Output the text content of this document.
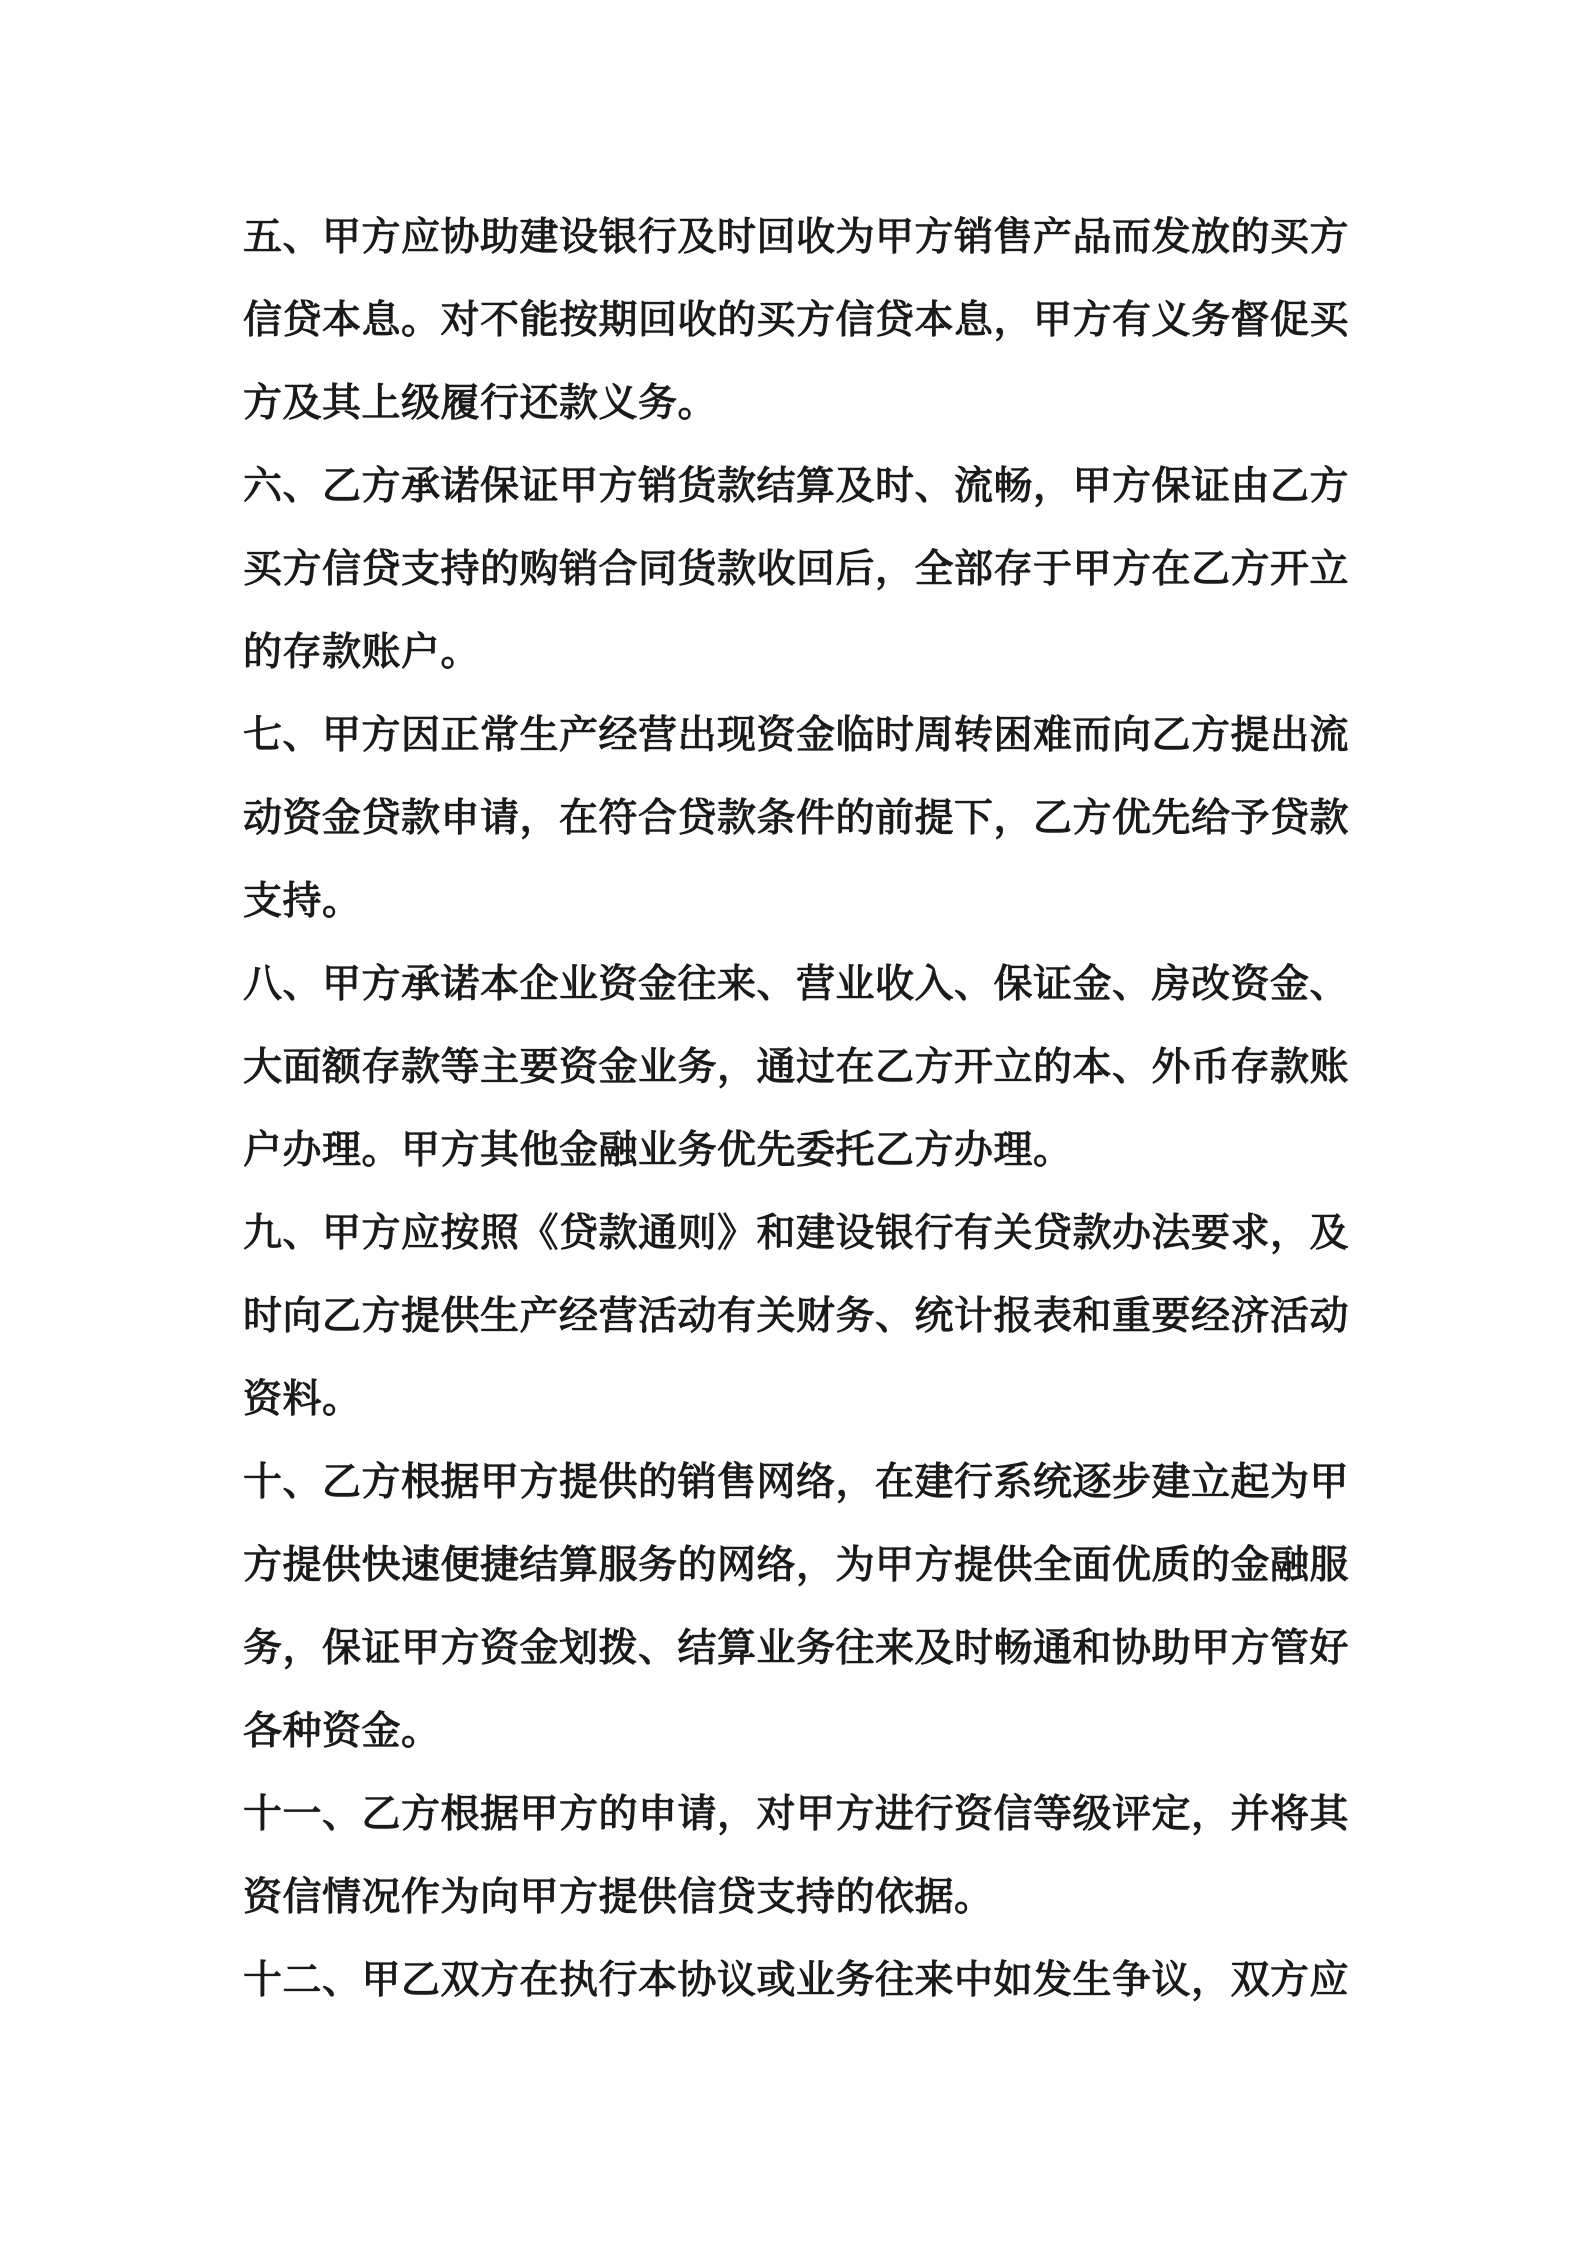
五、甲方应协助建设银行及时回收为甲方销售产品而发放的买方
信贷本息。对不能按期回收的买方信贷本息，甲方有义务督促买
方及其上级履行还款义务。
六、乙方承诺保证甲方销货款结算及时、流畅，甲方保证由乙方
买方信贷支持的购销合同货款收回后，全部存于甲方在乙方开立
的存款账户。
七、甲方因正常生产经营出现资金临时周转困难而向乙方提出流
动资金贷款申请，在符合贷款条件的前提下，乙方优先给予贷款
支持。
八、甲方承诺本企业资金往来、营业收入、保证金、房改资金、
大面额存款等主要资金业务，通过在乙方开立的本、外币存款账
户办理。甲方其他金融业务优先委托乙方办理。
九、甲方应按照《贷款通则》和建设银行有关贷款办法要求，及
时向乙方提供生产经营活动有关财务、统计报表和重要经济活动
资料。
十、乙方根据甲方提供的销售网络，在建行系统逐步建立起为甲
方提供快速便捷结算服务的网络，为甲方提供全面优质的金融服
务，保证甲方资金划拨、结算业务往来及时畅通和协助甲方管好
各种资金。
十一、乙方根据甲方的申请，对甲方进行资信等级评定，并将其
资信情况作为向甲方提供信贷支持的依据。
十二、甲乙双方在执行本协议或业务往来中如发生争议，双方应
